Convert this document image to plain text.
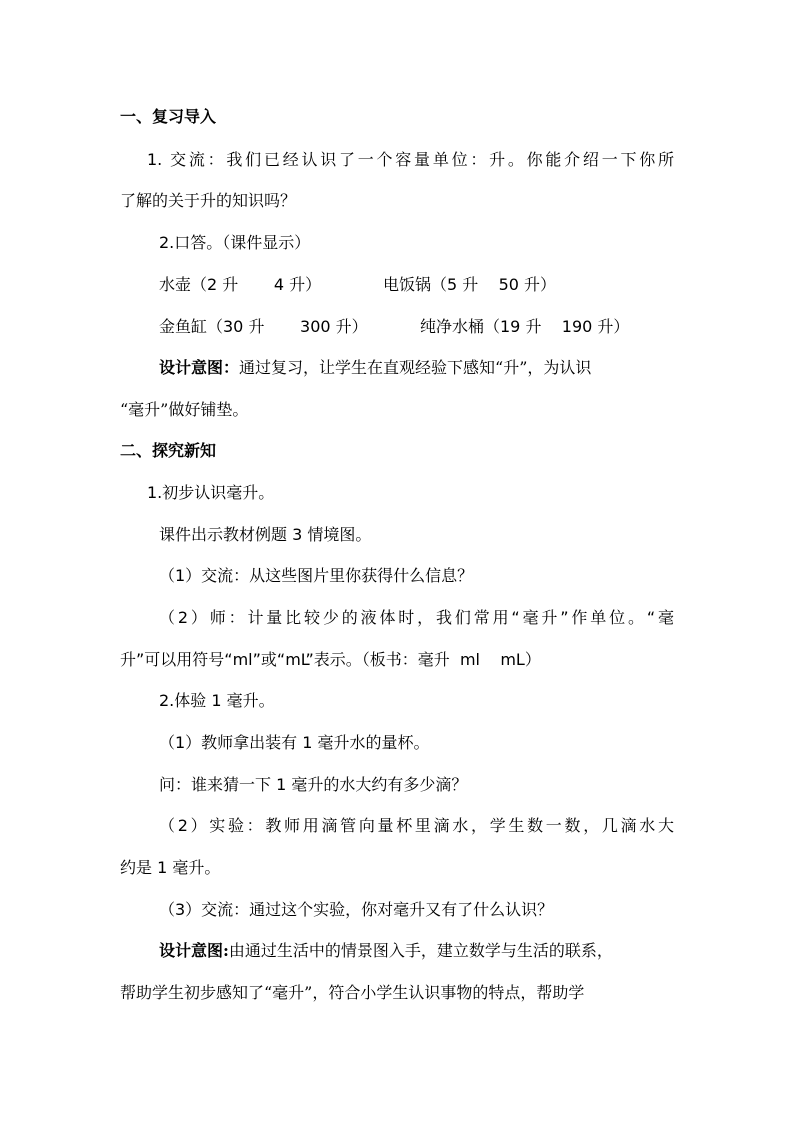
一、复习导入
1. 交流：我们已经认识了一个容量单位：升。你能介绍一下你所
了解的关于升的知识吗？
2.口答。（课件显示）
水壶（2 升       4 升）	电饭锅（5 升    50 升）
金鱼缸（30 升       300 升）	纯净水桶（19 升    190 升）
设计意图：通过复习，让学生在直观经验下感知“升”，为认识
“毫升”做好铺垫。
二、探究新知
1.初步认识毫升。
课件出示教材例题 3 情境图。
（1）交流：从这些图片里你获得什么信息？
（2）师：计量比较少的液体时，我们常用“毫升”作单位。“毫
升”可以用符号“ml”或“mL”表示。（板书：毫升  ml    mL）
2.体验 1 毫升。
（1）教师拿出装有 1 毫升水的量杯。
问：谁来猜一下 1 毫升的水大约有多少滴？
（2）实验：教师用滴管向量杯里滴水，学生数一数，几滴水大
约是 1 毫升。
（3）交流：通过这个实验，你对毫升又有了什么认识？
设计意图:由通过生活中的情景图入手，建立数学与生活的联系，
帮助学生初步感知了“毫升”，符合小学生认识事物的特点，帮助学
